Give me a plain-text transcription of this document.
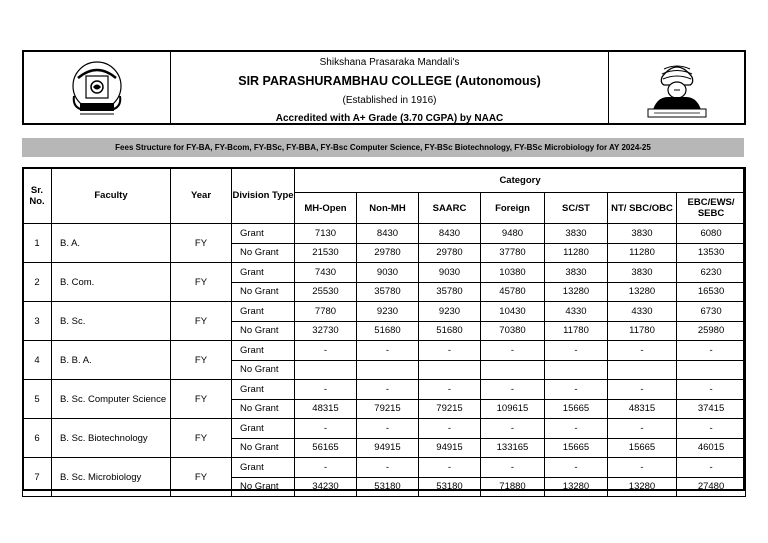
Shikshana Prasaraka Mandali's
SIR PARASHURAMBHAU COLLEGE (Autonomous)
(Established in 1916)
Accredited with A+ Grade (3.70 CGPA) by NAAC
Fees Structure for FY-BA, FY-Bcom, FY-BSc, FY-BBA, FY-Bsc Computer Science, FY-BSc Biotechnology, FY-BSc Microbiology for AY 2024-25
Sr.
No.	Faculty	Year	Division Type	Category						
				MH-Open	Non-MH	SAARC	Foreign	SC/ST	NT/ SBC/OBC	EBC/EWS/ SEBC
1	B. A.	FY	Grant	7130	8430	8430	9480	3830	3830	6080
			No Grant	21530	29780	29780	37780	11280	11280	13530
2	B. Com.	FY	Grant	7430	9030	9030	10380	3830	3830	6230
			No Grant	25530	35780	35780	45780	13280	13280	16530
3	B. Sc.	FY	Grant	7780	9230	9230	10430	4330	4330	6730
			No Grant	32730	51680	51680	70380	11780	11780	25980
4	B. B. A.	FY	Grant	-	-	-	-	-	-	-
			No Grant							
5	B. Sc. Computer Science	FY	Grant	-	-	-	-	-	-	-
			No Grant	48315	79215	79215	109615	15665	48315	37415
6	B. Sc. Biotechnology	FY	Grant	-	-	-	-	-	-	-
			No Grant	56165	94915	94915	133165	15665	15665	46015
7	B. Sc. Microbiology	FY	Grant	-	-	-	-	-	-	-
			No Grant	34230	53180	53180	71880	13280	13280	27480
